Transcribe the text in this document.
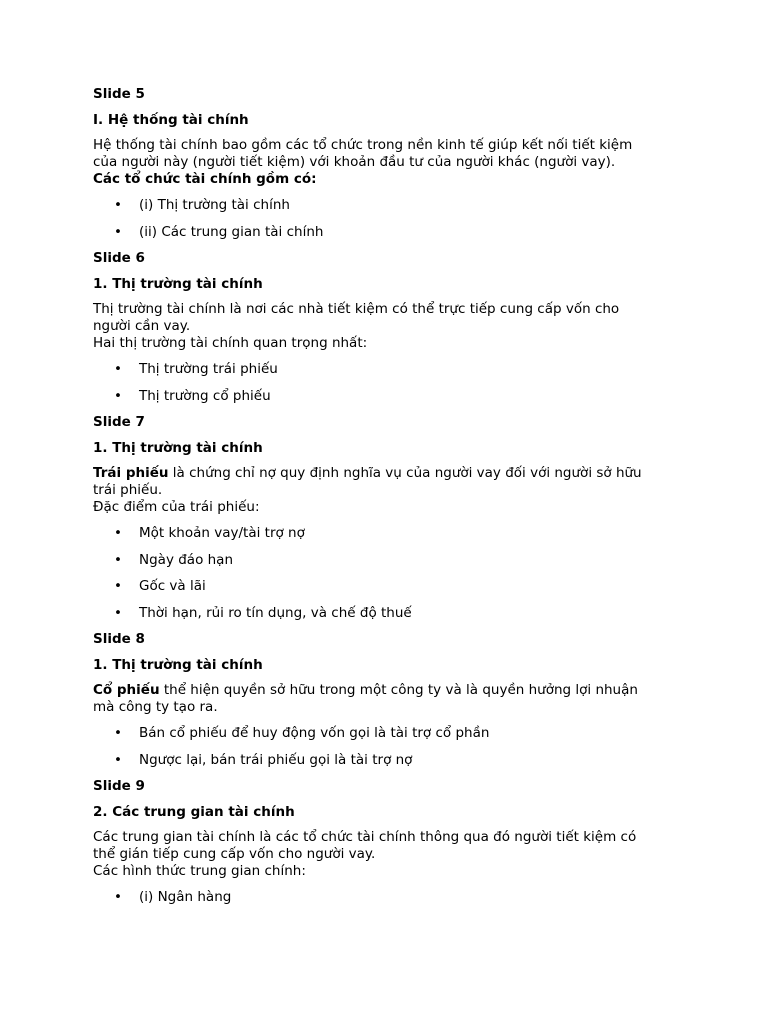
Slide 5
I. Hệ thống tài chính
Hệ thống tài chính bao gồm các tổ chức trong nền kinh tế giúp kết nối tiết kiệm
của người này (người tiết kiệm) với khoản đầu tư của người khác (người vay).
Các tổ chức tài chính gồm có:
• (i) Thị trường tài chính
• (ii) Các trung gian tài chính
Slide 6
1. Thị trường tài chính
Thị trường tài chính là nơi các nhà tiết kiệm có thể trực tiếp cung cấp vốn cho
người cần vay.
Hai thị trường tài chính quan trọng nhất:
• Thị trường trái phiếu
• Thị trường cổ phiếu
Slide 7
1. Thị trường tài chính
Trái phiếu là chứng chỉ nợ quy định nghĩa vụ của người vay đối với người sở hữu
trái phiếu.
Đặc điểm của trái phiếu:
• Một khoản vay/tài trợ nợ
• Ngày đáo hạn
• Gốc và lãi
• Thời hạn, rủi ro tín dụng, và chế độ thuế
Slide 8
1. Thị trường tài chính
Cổ phiếu thể hiện quyền sở hữu trong một công ty và là quyền hưởng lợi nhuận
mà công ty tạo ra.
• Bán cổ phiếu để huy động vốn gọi là tài trợ cổ phần
• Ngược lại, bán trái phiếu gọi là tài trợ nợ
Slide 9
2. Các trung gian tài chính
Các trung gian tài chính là các tổ chức tài chính thông qua đó người tiết kiệm có
thể gián tiếp cung cấp vốn cho người vay.
Các hình thức trung gian chính:
• (i) Ngân hàng
